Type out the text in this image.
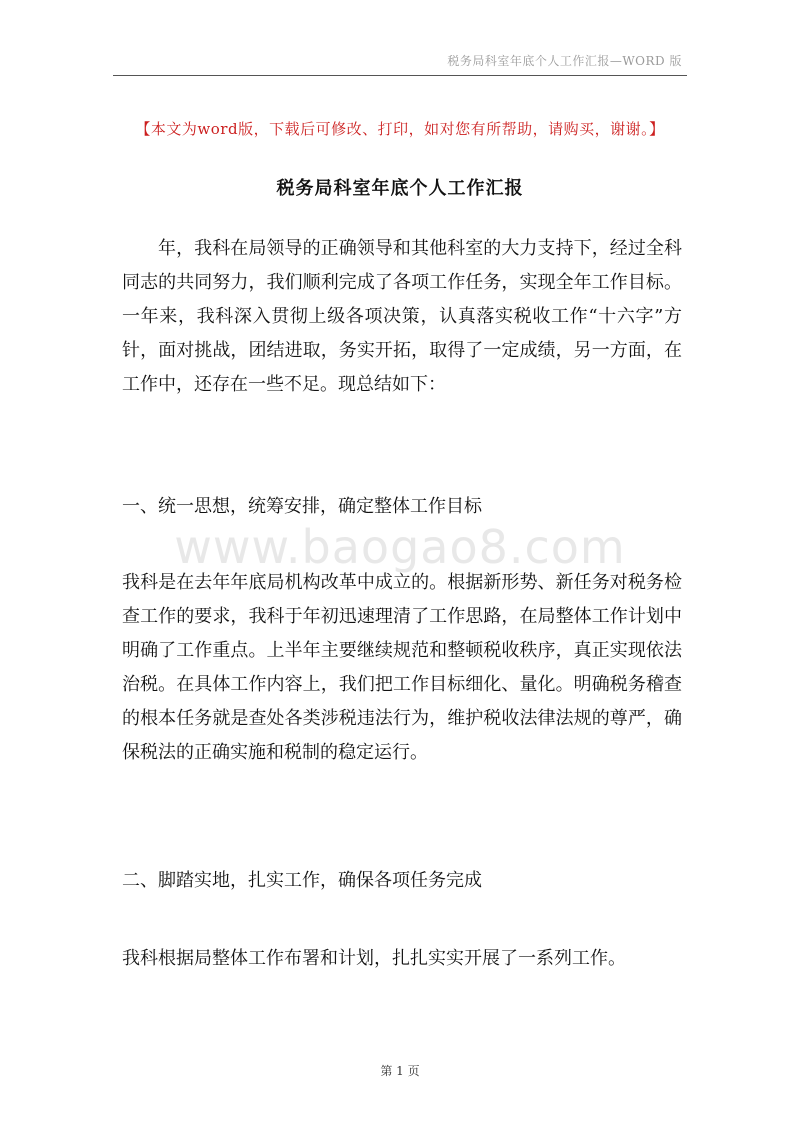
税务局科室年底个人工作汇报—WORD 版
【本文为word版，下载后可修改、打印，如对您有所帮助，请购买，谢谢。】
税务局科室年底个人工作汇报
年，我科在局领导的正确领导和其他科室的大力支持下，经过全科同志的共同努力，我们顺利完成了各项工作任务，实现全年工作目标。一年来，我科深入贯彻上级各项决策，认真落实税收工作“十六字”方针，面对挑战，团结进取，务实开拓，取得了一定成绩，另一方面，在工作中，还存在一些不足。现总结如下：
一、统一思想，统筹安排，确定整体工作目标
www.baogao8.com
我科是在去年年底局机构改革中成立的。根据新形势、新任务对税务检查工作的要求，我科于年初迅速理清了工作思路，在局整体工作计划中明确了工作重点。上半年主要继续规范和整顿税收秩序，真正实现依法治税。在具体工作内容上，我们把工作目标细化、量化。明确税务稽查的根本任务就是查处各类涉税违法行为，维护税收法律法规的尊严，确保税法的正确实施和税制的稳定运行。
二、脚踏实地，扎实工作，确保各项任务完成
我科根据局整体工作布署和计划，扎扎实实开展了一系列工作。
第 1 页
